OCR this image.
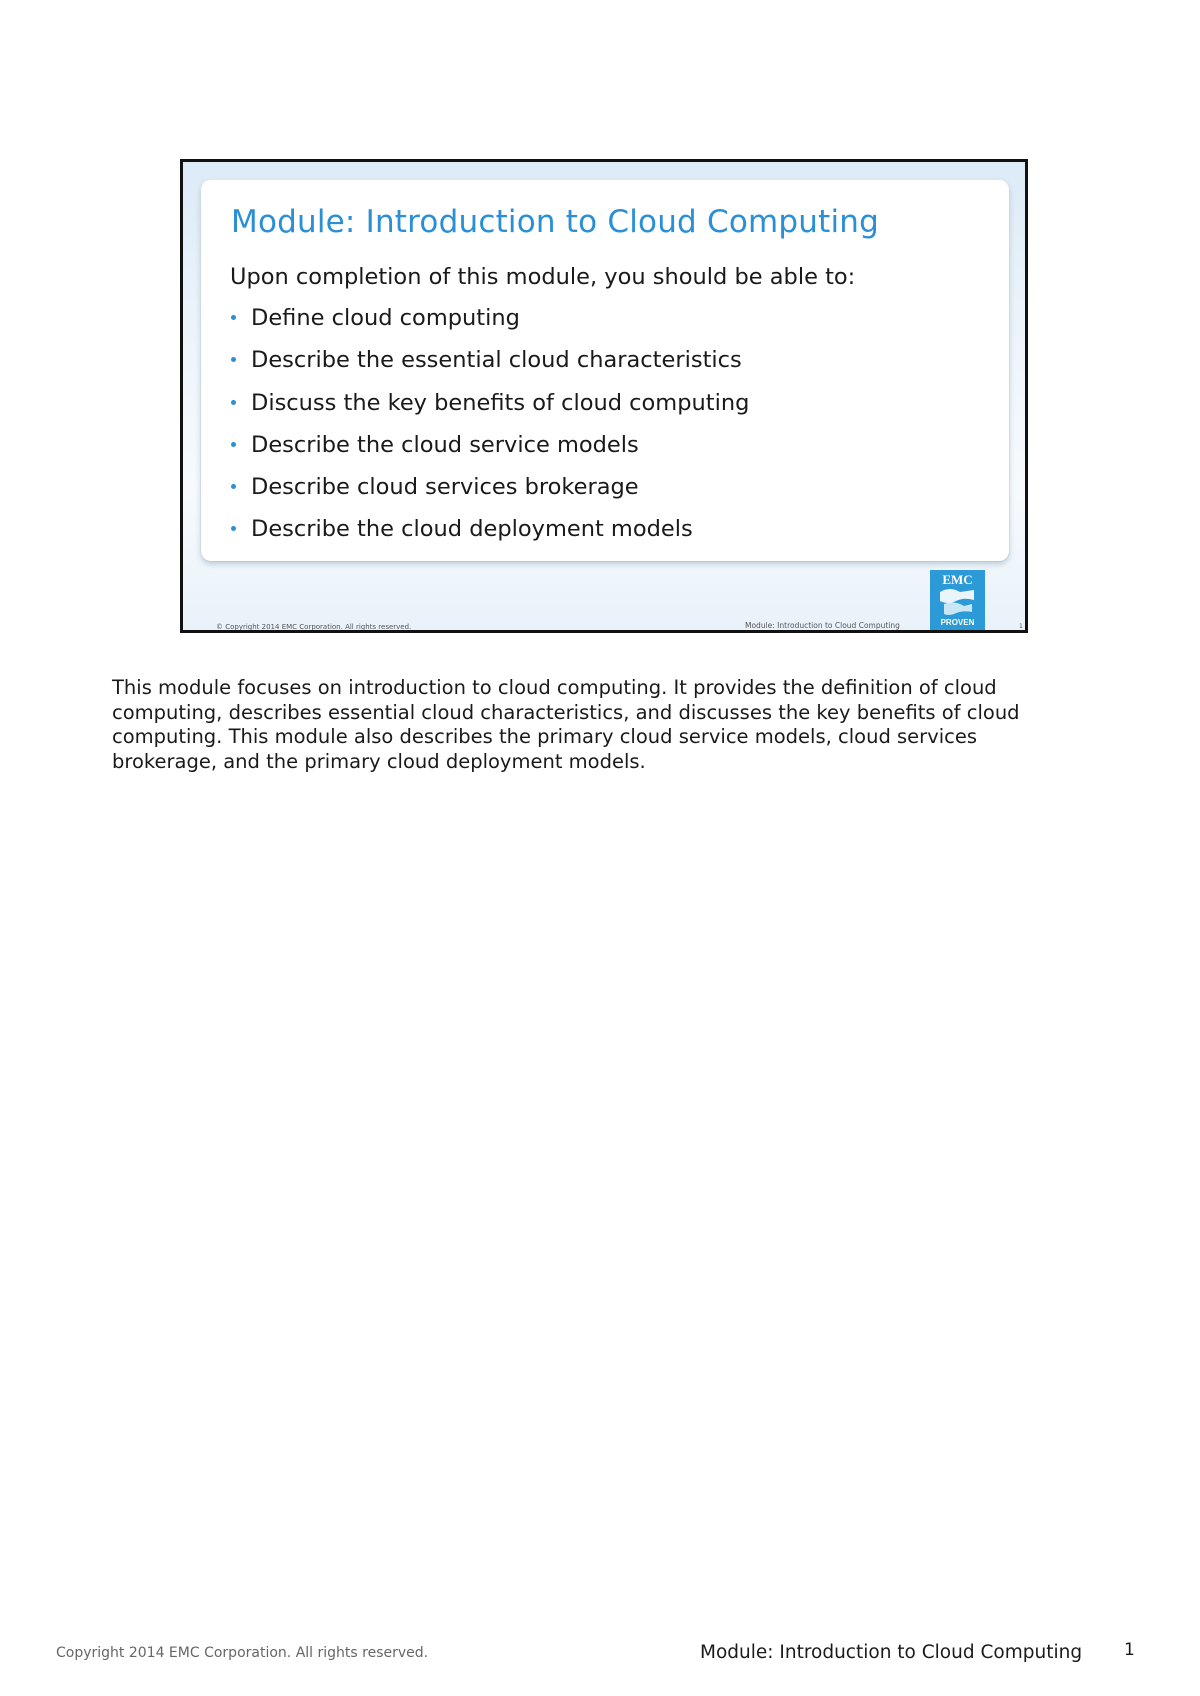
Module: Introduction to Cloud Computing

Upon completion of this module, you should be able to:

Define cloud computing
Describe the essential cloud characteristics
Discuss the key benefits of cloud computing
Describe the cloud service models
Describe cloud services brokerage
Describe the cloud deployment models
EMC
PROVEN
© Copyright 2014 EMC Corporation. All rights reserved.	Module: Introduction to Cloud Computing	1

This module focuses on introduction to cloud computing. It provides the definition of cloud
computing, describes essential cloud characteristics, and discusses the key benefits of cloud
computing. This module also describes the primary cloud service models, cloud services
brokerage, and the primary cloud deployment models.

Copyright 2014 EMC Corporation. All rights reserved.	Module: Introduction to Cloud Computing 1
